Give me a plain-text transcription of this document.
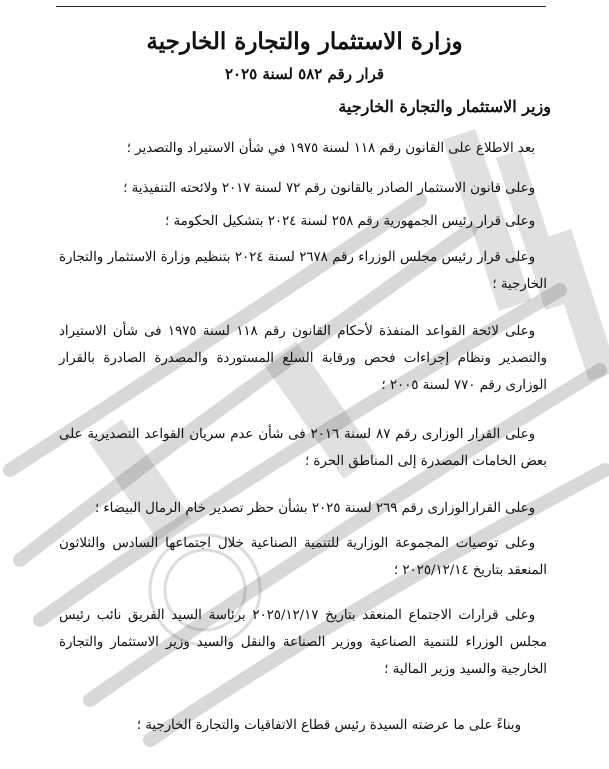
وزارة الاستثمار والتجارة الخارجية
قرار رقم ٥٨٢ لسنة ٢٠٢٥
وزير الاستثمار والتجارة الخارجية
بعد الاطلاع على القانون رقم ١١٨ لسنة ١٩٧٥ في شأن الاستيراد والتصدير ؛
وعلى قانون الاستثمار الصادر بالقانون رقم ٧٢ لسنة ٢٠١٧ ولائحته التنفيذية ؛
وعلى قرار رئيس الجمهورية رقم ٢٥٨ لسنة ٢٠٢٤ بتشكيل الحكومة ؛
وعلى قرار رئيس مجلس الوزراء رقم ٢٦٧٨ لسنة ٢٠٢٤ بتنظيم وزارة الاستثمار والتجارة الخارجية ؛
وعلى لائحة القواعد المنفذة لأحكام القانون رقم ١١٨ لسنة ١٩٧٥ فى شأن الاستيراد والتصدير ونظام إجراءات فحص ورقابة السلع المستوردة والمصدرة الصادرة بالقرار الوزارى رقم ٧٧٠ لسنة ٢٠٠٥ ؛
وعلى القرار الوزارى رقم ٨٧ لسنة ٢٠١٦ فى شأن عدم سريان القواعد التصديرية على بعض الخامات المصدرة إلى المناطق الحرة ؛
وعلى القرارالوزارى رقم ٢٦٩ لسنة ٢٠٢٥ بشأن حظر تصدير خام الرمال البيضاء ؛
وعلى توصيات المجموعة الوزارية للتنمية الصناعية خلال اجتماعها السادس والثلاثون المنعقد بتاريخ ٢٠٢٥/١٢/١٤ ؛
وعلى قرارات الاجتماع المنعقد بتاريخ ٢٠٢٥/١٢/١٧ برئاسة السيد الفريق نائب رئيس مجلس الوزراء للتنمية الصناعية ووزير الصناعة والنقل والسيد وزير الاستثمار والتجارة الخارجية والسيد وزير المالية ؛
وبناءً على ما عرضته السيدة رئيس قطاع الاتفاقيات والتجارة الخارجية ؛
